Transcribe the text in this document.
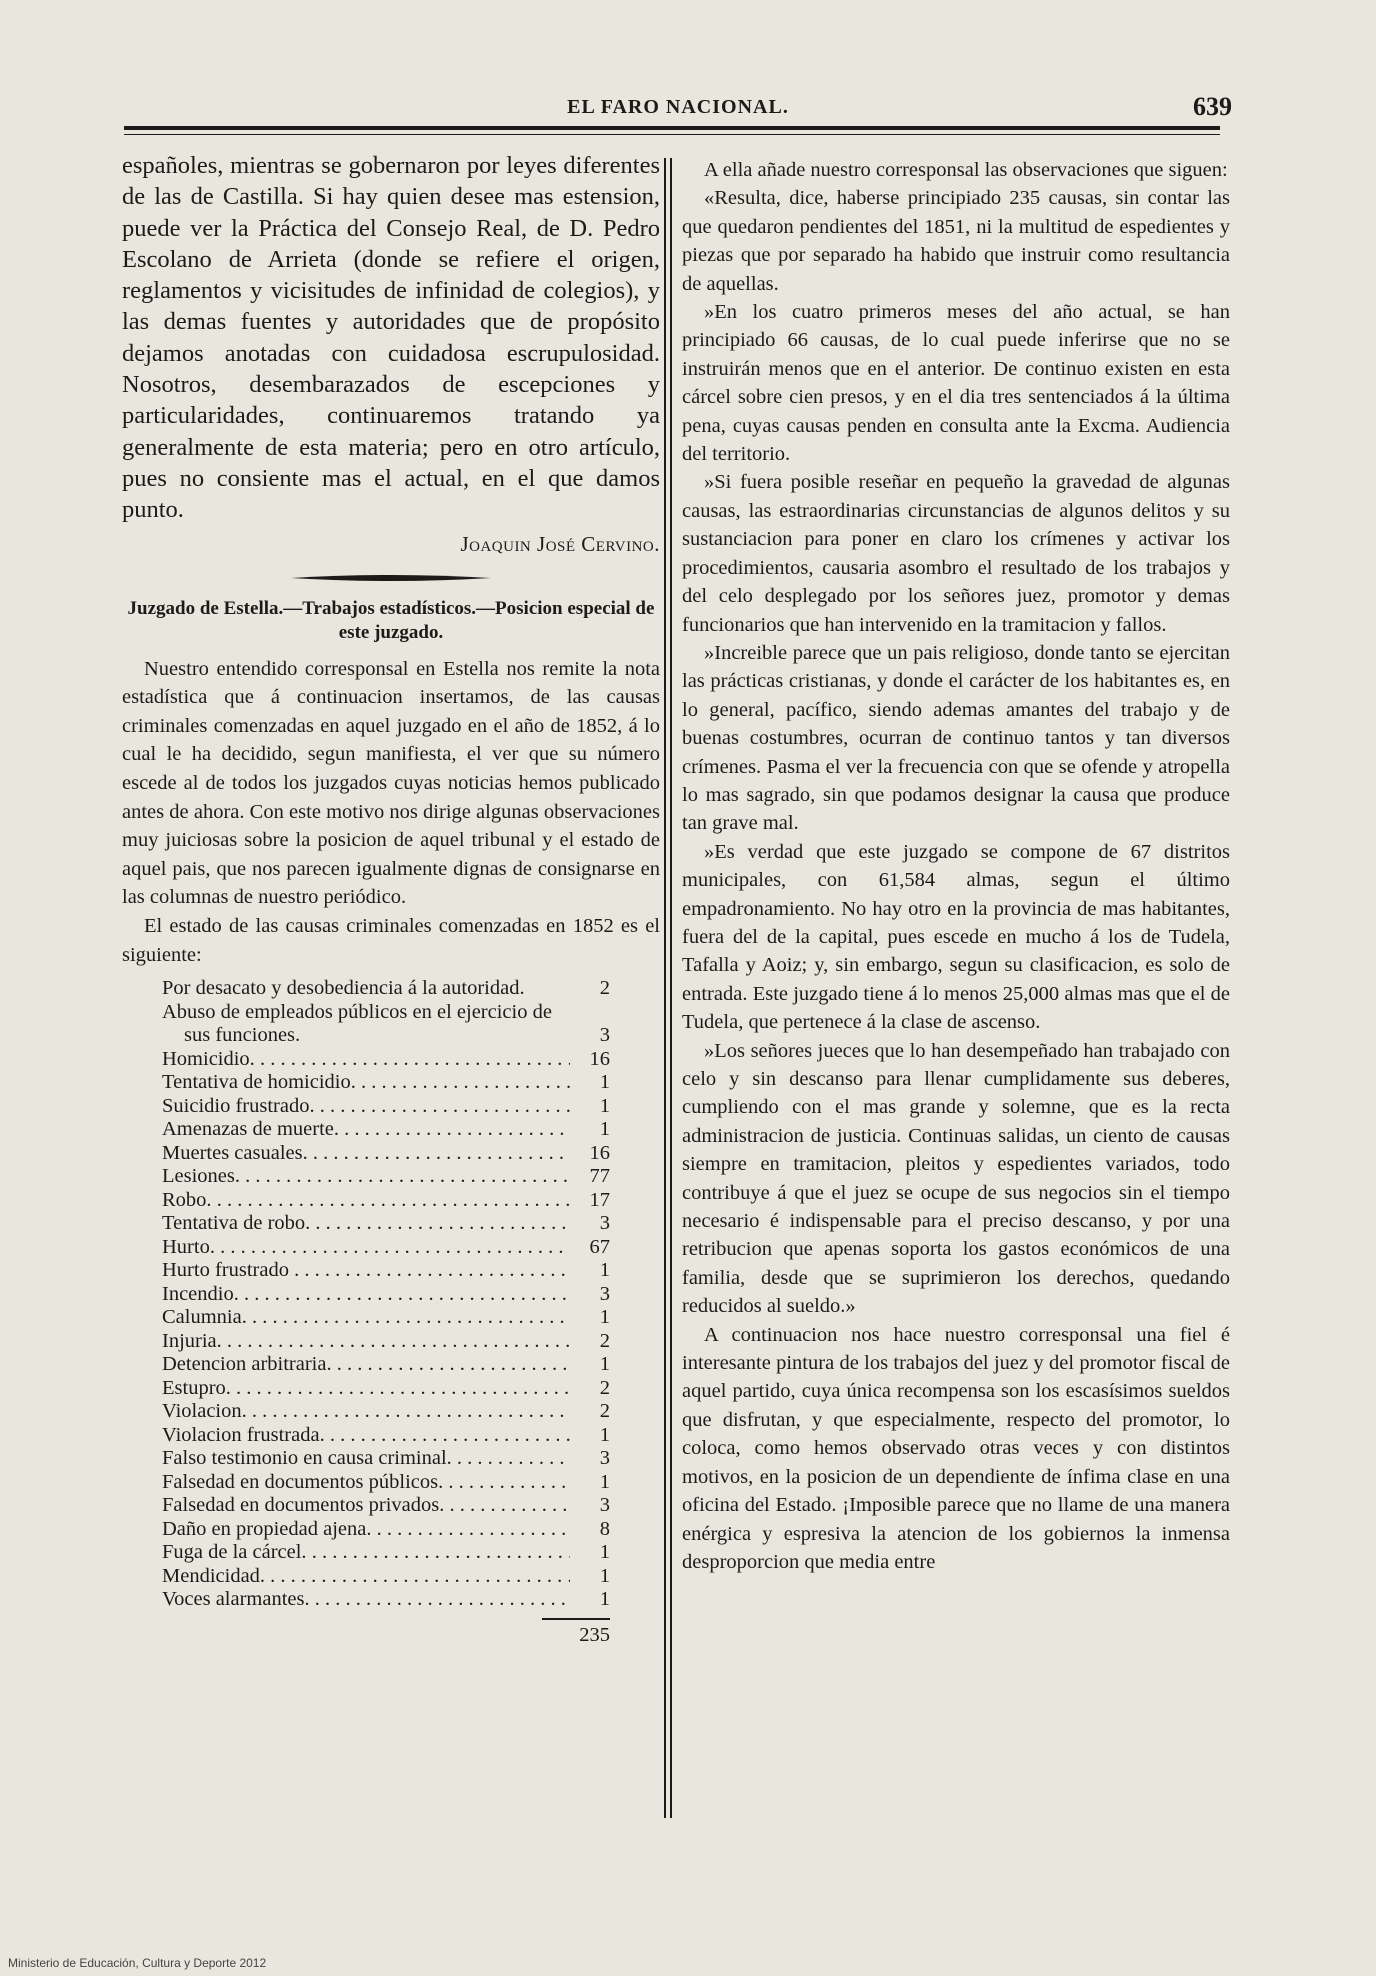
EL FARO NACIONAL.	639

españoles, mientras se gobernaron por leyes diferentes de las de Castilla. Si hay quien desee mas estension, puede ver la Práctica del Consejo Real, de D. Pedro Escolano de Arrieta (donde se refiere el origen, reglamentos y vicisitudes de infinidad de colegios), y las demas fuentes y autoridades que de propósito dejamos anotadas con cuidadosa escrupulosidad. Nosotros, desembarazados de escepciones y particularidades, continuaremos tratando ya generalmente de esta materia; pero en otro artículo, pues no consiente mas el actual, en el que damos punto.

Joaquin José Cervino.
Juzgado de Estella.—Trabajos estadísticos.—Posicion especial de este juzgado.

Nuestro entendido corresponsal en Estella nos remite la nota estadística que á continuacion insertamos, de las causas criminales comenzadas en aquel juzgado en el año de 1852, á lo cual le ha decidido, segun manifiesta, el ver que su número escede al de todos los juzgados cuyas noticias hemos publicado antes de ahora. Con este motivo nos dirige algunas observaciones muy juiciosas sobre la posicion de aquel tribunal y el estado de aquel pais, que nos parecen igualmente dignas de consignarse en las columnas de nuestro periódico.

El estado de las causas criminales comenzadas en 1852 es el siguiente:

Por desacato y desobediencia á la autoridad.	2
Abuso de empleados públicos en el ejercicio de sus funciones.	3
Homicidio. . . .	16
Tentativa de homicidio. . . .	1
Suicidio frustrado. . . .	1
Amenazas de muerte. . . .	1
Muertes casuales. . . .	16
Lesiones. . . .	77
Robo. . . .	17
Tentativa de robo. . . .	3
Hurto. . . .	67
Hurto frustrado . . .	1
Incendio. . . .	3
Calumnia. . . .	1
Injuria. . . .	2
Detencion arbitraria. . . .	1
Estupro. . . .	2
Violacion. . . .	2
Violacion frustrada. . . .	1
Falso testimonio en causa criminal. . . .	3
Falsedad en documentos públicos. . . .	1
Falsedad en documentos privados. . . .	3
Daño en propiedad ajena. . . .	8
Fuga de la cárcel. . . .	1
Mendicidad. . . .	1
Voces alarmantes. . . .	1
235

A ella añade nuestro corresponsal las observaciones que siguen:

«Resulta, dice, haberse principiado 235 causas, sin contar las que quedaron pendientes del 1851, ni la multitud de espedientes y piezas que por separado ha habido que instruir como resultancia de aquellas.

»En los cuatro primeros meses del año actual, se han principiado 66 causas, de lo cual puede inferirse que no se instruirán menos que en el anterior. De continuo existen en esta cárcel sobre cien presos, y en el dia tres sentenciados á la última pena, cuyas causas penden en consulta ante la Excma. Audiencia del territorio.

»Si fuera posible reseñar en pequeño la gravedad de algunas causas, las estraordinarias circunstancias de algunos delitos y su sustanciacion para poner en claro los crímenes y activar los procedimientos, causaria asombro el resultado de los trabajos y del celo desplegado por los señores juez, promotor y demas funcionarios que han intervenido en la tramitacion y fallos.

»Increible parece que un pais religioso, donde tanto se ejercitan las prácticas cristianas, y donde el carácter de los habitantes es, en lo general, pacífico, siendo ademas amantes del trabajo y de buenas costumbres, ocurran de continuo tantos y tan diversos crímenes. Pasma el ver la frecuencia con que se ofende y atropella lo mas sagrado, sin que podamos designar la causa que produce tan grave mal.

»Es verdad que este juzgado se compone de 67 distritos municipales, con 61,584 almas, segun el último empadronamiento. No hay otro en la provincia de mas habitantes, fuera del de la capital, pues escede en mucho á los de Tudela, Tafalla y Aoiz; y, sin embargo, segun su clasificacion, es solo de entrada. Este juzgado tiene á lo menos 25,000 almas mas que el de Tudela, que pertenece á la clase de ascenso.

»Los señores jueces que lo han desempeñado han trabajado con celo y sin descanso para llenar cumplidamente sus deberes, cumpliendo con el mas grande y solemne, que es la recta administracion de justicia. Continuas salidas, un ciento de causas siempre en tramitacion, pleitos y espedientes variados, todo contribuye á que el juez se ocupe de sus negocios sin el tiempo necesario é indispensable para el preciso descanso, y por una retribucion que apenas soporta los gastos económicos de una familia, desde que se suprimieron los derechos, quedando reducidos al sueldo.»

A continuacion nos hace nuestro corresponsal una fiel é interesante pintura de los trabajos del juez y del promotor fiscal de aquel partido, cuya única recompensa son los escasísimos sueldos que disfrutan, y que especialmente, respecto del promotor, lo coloca, como hemos observado otras veces y con distintos motivos, en la posicion de un dependiente de ínfima clase en una oficina del Estado. ¡Imposible parece que no llame de una manera enérgica y espresiva la atencion de los gobiernos la inmensa desproporcion que media entre

Ministerio de Educación, Cultura y Deporte 2012
